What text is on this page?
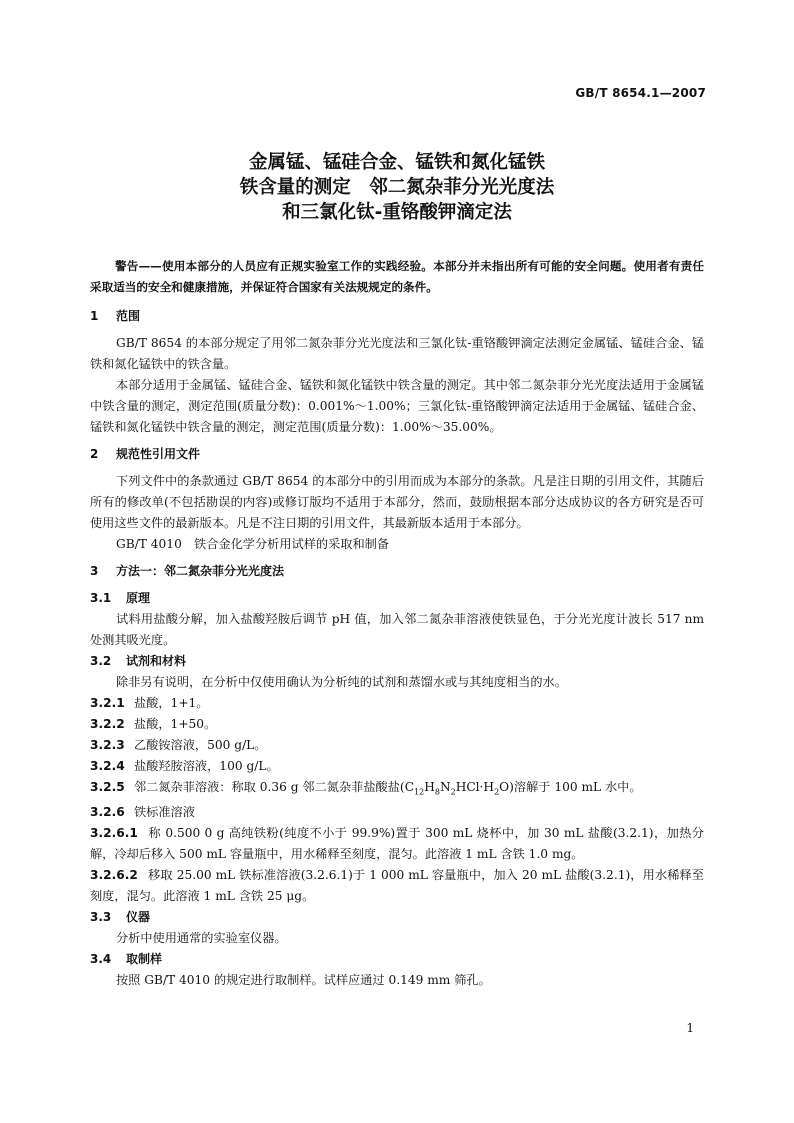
GB/T 8654.1—2007
金属锰、锰硅合金、锰铁和氮化锰铁
铁含量的测定　邻二氮杂菲分光光度法
和三氯化钛-重铬酸钾滴定法
警告——使用本部分的人员应有正规实验室工作的实践经验。本部分并未指出所有可能的安全问题。使用者有责任采取适当的安全和健康措施，并保证符合国家有关法规规定的条件。
1 范围
GB/T 8654 的本部分规定了用邻二氮杂菲分光光度法和三氯化钛-重铬酸钾滴定法测定金属锰、锰硅合金、锰铁和氮化锰铁中的铁含量。
本部分适用于金属锰、锰硅合金、锰铁和氮化锰铁中铁含量的测定。其中邻二氮杂菲分光光度法适用于金属锰中铁含量的测定，测定范围(质量分数)：0.001%～1.00%；三氯化钛-重铬酸钾滴定法适用于金属锰、锰硅合金、锰铁和氮化锰铁中铁含量的测定，测定范围(质量分数)：1.00%～35.00%。
2 规范性引用文件
下列文件中的条款通过 GB/T 8654 的本部分中的引用而成为本部分的条款。凡是注日期的引用文件，其随后所有的修改单(不包括勘误的内容)或修订版均不适用于本部分，然而，鼓励根据本部分达成协议的各方研究是否可使用这些文件的最新版本。凡是不注日期的引用文件，其最新版本适用于本部分。
GB/T 4010　铁合金化学分析用试样的采取和制备
3 方法一：邻二氮杂菲分光光度法
3.1 原理
试料用盐酸分解，加入盐酸羟胺后调节 pH 值，加入邻二氮杂菲溶液使铁显色，于分光光度计波长 517 nm 处测其吸光度。
3.2 试剂和材料
除非另有说明，在分析中仅使用确认为分析纯的试剂和蒸馏水或与其纯度相当的水。
3.2.1 盐酸，1+1。
3.2.2 盐酸，1+50。
3.2.3 乙酸铵溶液，500 g/L。
3.2.4 盐酸羟胺溶液，100 g/L。
3.2.5 邻二氮杂菲溶液：称取 0.36 g 邻二氮杂菲盐酸盐$(C_{12}H_8N_2HCl\cdot H_2O)$溶解于 100 mL 水中。
3.2.6 铁标准溶液
3.2.6.1 称 0.500 0 g 高纯铁粉(纯度不小于 99.9%)置于 300 mL 烧杯中，加 30 mL 盐酸(3.2.1)，加热分解，冷却后移入 500 mL 容量瓶中，用水稀释至刻度，混匀。此溶液 1 mL 含铁 1.0 mg。
3.2.6.2 移取 25.00 mL 铁标准溶液(3.2.6.1)于 1 000 mL 容量瓶中，加入 20 mL 盐酸(3.2.1)，用水稀释至刻度，混匀。此溶液 1 mL 含铁 25 μg。
3.3 仪器
分析中使用通常的实验室仪器。
3.4 取制样
按照 GB/T 4010 的规定进行取制样。试样应通过 0.149 mm 筛孔。
1
